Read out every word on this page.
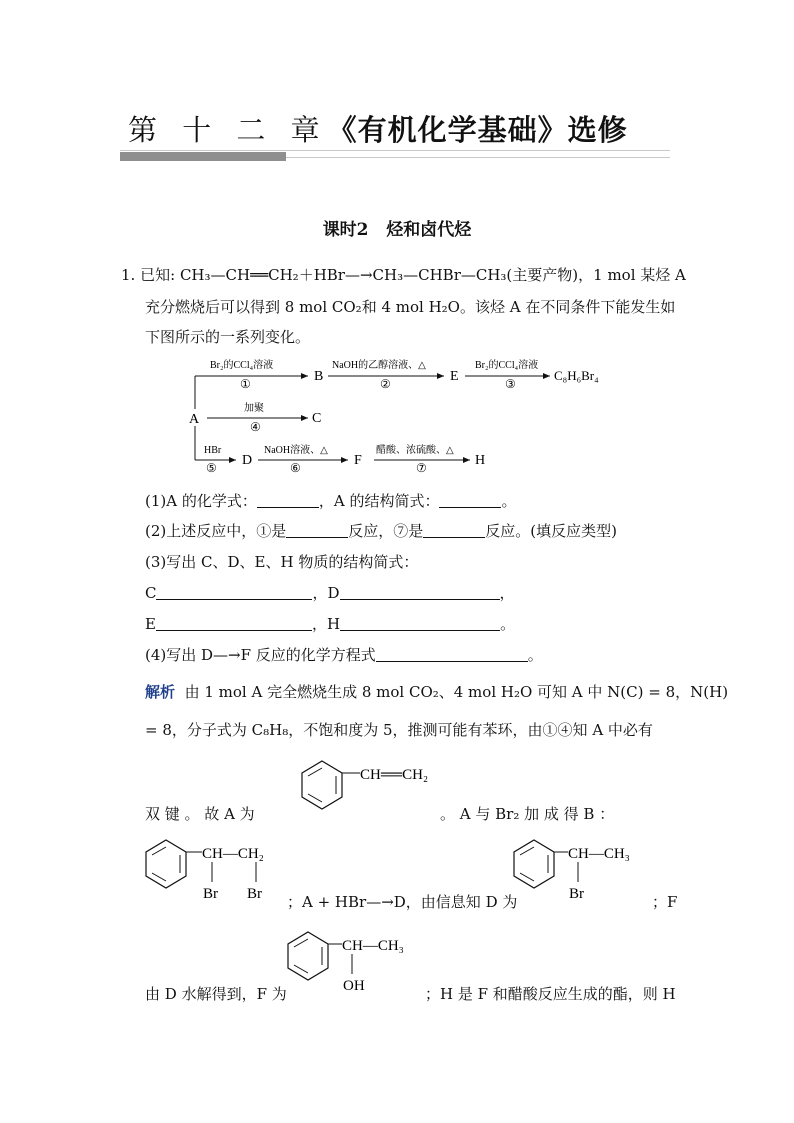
第 十 二 章《有机化学基础》选修
课时2 烃和卤代烃
1. 已知: CH₃—CH══CH₂＋HBr—→CH₃—CHBr—CH₃(主要产物)，1 mol 某烃 A
充分燃烧后可以得到 8 mol CO₂和 4 mol H₂O。该烃 A 在不同条件下能发生如
下图所示的一系列变化。
A
Br₂的CCl₄溶液
①	B
NaOH的乙醇溶液、△
②	E
Br₂的CCl₄溶液
③
C₈H₆Br₄
加聚
④
C
HBr
⑤ D
NaOH溶液、△
⑥	F
醋酸、浓硫酸、△
⑦	H
(1)A 的化学式：	，A 的结构简式：	。
(2)上述反应中，①是	反应，⑦是	反应。(填反应类型)
(3)写出 C、D、E、H 物质的结构简式：
C	，D	，
E	，H	。
(4)写出 D—→F 反应的化学方程式	。
解析 由 1 mol A 完全燃烧生成 8 mol CO₂、4 mol H₂O 可知 A 中 N(C) = 8，N(H)
= 8，分子式为 C₈H₈，不饱和度为 5，推测可能有苯环，由①④知 A 中必有
CH══CH₂
双 键 。 故 A 为	。 A 与 Br₂ 加 成 得 B ：
CH—CH₂
Br Br ；A + HBr—→D，由信息知 D 为
CH—CH₃
Br	；F
CH—CH₃
OH
由 D 水解得到，F 为	；H 是 F 和醋酸反应生成的酯，则 H
